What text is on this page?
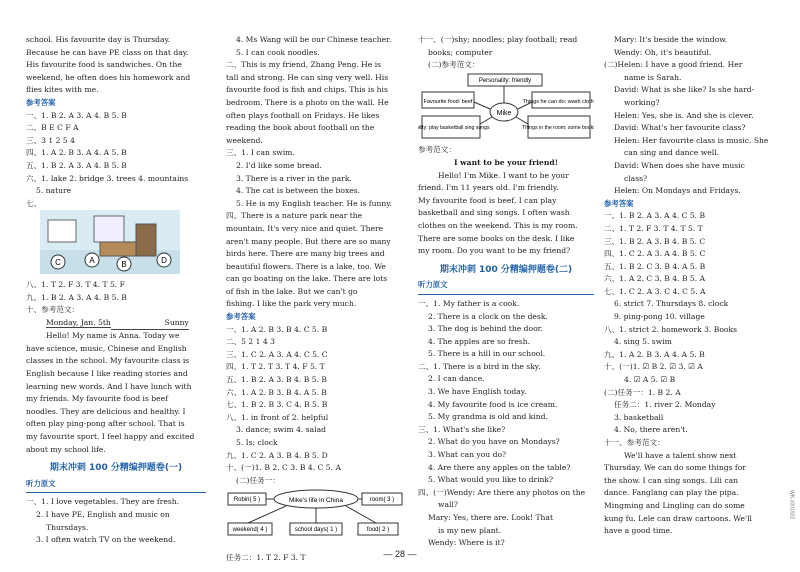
school. His favourite day is Thursday.
Because he can have PE class on that day.
His favourite food is sandwiches. On the
weekend, he often does his homework and
flies kites with me.
参考答案
一、1. B 2. A 3. A 4. B 5. B
二、B E C F A
三、3 1 2 5 4
四、1. A 2. B 3. A 4. A 5. B
五、1. B 2. A 3. A 4. B 5. B
六、1. lake 2. bridge 3. trees 4. mountains
5. nature
七、
C	A	B	D
八、1. T 2. F 3. T 4. T 5. F
九、1. B 2. A 3. A 4. B 5. B
十、参考范文：
Monday, Jan. 5th	Sunny
Hello! My name is Anna. Today we
have science, music, Chinese and English
classes in the school. My favourite class is
English because I like reading stories and
learning new words. And I have lunch with
my friends. My favourite food is beef
noodles. They are delicious and healthy. I
often play ping-pong after school. That is
my favourite sport. I feel happy and excited
about my school life.
期末冲刺 100 分精编押题卷(一)
听力原文
一、1. I love vegetables. They are fresh.
2. I have PE, English and music on
Thursdays.
3. I often watch TV on the weekend.
4. Ms Wang will be our Chinese teacher.
5. I can cook noodles.
二、This is my friend, Zhang Peng. He is
tall and strong. He can sing very well. His
favourite food is fish and chips. This is his
bedroom. There is a photo on the wall. He
often plays football on Fridays. He likes
reading the book about football on the
weekend.
三、1. I can swim.
2. I'd like some bread.
3. There is a river in the park.
4. The cat is between the boxes.
5. He is my English teacher. He is funny.
四、There is a nature park near the
mountain. It's very nice and quiet. There
aren't many people. But there are so many
birds here. There are many big trees and
beautiful flowers. There is a lake, too. We
can go boating on the lake. There are lots
of fish in the lake. But we can't go
fishing. I like the park very much.
参考答案
一、1. A 2. B 3. B 4. C 5. B
二、5 2 1 4 3
三、1. C 2. A 3. A 4. C 5. C
四、1. T 2. T 3. T 4. F 5. T
五、1. B 2. A 3. B 4. B 5. B
六、1. A 2. B 3. B 4. A 5. B
七、1. B 2. B 3. C 4. B 5. B
八、1. in front of 2. helpful
3. dance; swim 4. salad
5. Is; clock
九、1. C 2. A 3. B 4. B 5. D
十、(一)1. B 2. C 3. B 4. C 5. A
(二)任务一：
Mike's life in China
Robin( 5 )	room( 3 )
weekend( 4 )	school days( 1 )	food( 2 )
任务二：1. T 2. F 3. T
十一、(一)shy; noodles; play football; read
books; computer
(二)参考范文：
Personality: friendly
Favourite food: beef
Mike
Things he can do: wash clothes
Ability: play basketball sing songs	Things in the room: some books
参考范文：
I want to be your friend!
Hello! I'm Mike. I want to be your
friend. I'm 11 years old. I'm friendly.
My favourite food is beef. I can play
basketball and sing songs. I often wash
clothes on the weekend. This is my room.
There are some books on the desk. I like
my room. Do you want to be my friend?
期末冲刺 100 分精编押题卷(二)
听力原文
一、1. My father is a cook.
2. There is a clock on the desk.
3. The dog is behind the door.
4. The apples are so fresh.
5. There is a hill in our school.
二、1. There is a bird in the sky.
2. I can dance.
3. We have English today.
4. My favourite food is ice cream.
5. My grandma is old and kind.
三、1. What's she like?
2. What do you have on Mondays?
3. What can you do?
4. Are there any apples on the table?
5. What would you like to drink?
四、(一)Wendy: Are there any photos on the
wall?
Mary: Yes, there are. Look! That
is my new plant.
Wendy: Where is it?
Mary: It's beside the window.
Wendy: Oh, it's beautiful.
(二)Helen: I have a good friend. Her
name is Sarah.
David: What is she like? Is she hard-
working?
Helen: Yes, she is. And she is clever.
David: What's her favourite class?
Helen: Her favourite class is music. She
can sing and dance well.
David: When does she have music
class?
Helen: On Mondays and Fridays.
参考答案
一、1. B 2. A 3. A 4. C 5. B
二、1. T 2. F 3. T 4. T 5. T
三、1. B 2. A 3. B 4. B 5. C
四、1. C 2. A 3. A 4. B 5. C
五、1. B 2. C 3. B 4. A 5. B
六、1. A 2. C 3. B 4. B 5. A
七、1. C 2. A 3. C 4. C 5. A
6. strict 7. Thursdays 8. clock
9. ping-pong 10. village
八、1. strict 2. homework 3. Books
4. sing 5. swim
九、1. A 2. B 3. A 4. A 5. B
十、(一)1. ☑ B 2. ☑ 3. ☑ A
4. ☑ A 5. ☑ B
(二)任务一：1. B 2. A
任务二：1. river 2. Monday
3. basketball
4. No, there aren't.
十一、参考范文：
We'll have a talent show next
Thursday. We can do some things for
the show. I can sing songs. Lili can
dance. Fanglang can play the pipa.
Mingming and Lingling can do some
kung fu. Lele can draw cartoons. We'll
have a good time.
— 28 —
WK-1001922
